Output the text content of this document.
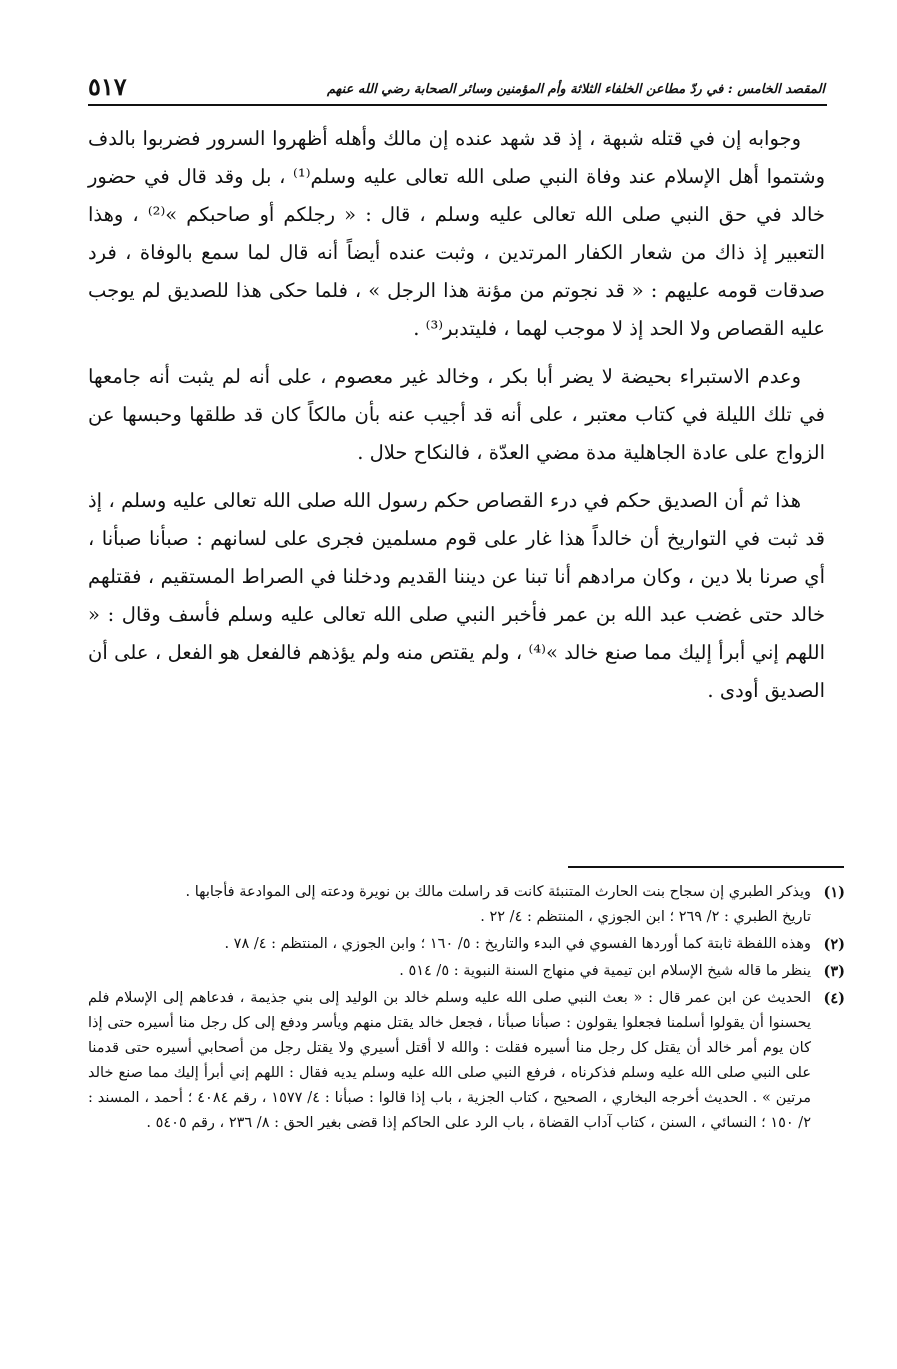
المقصد الخامس : في ردّ مطاعن الخلفاء الثلاثة وأم المؤمنين وسائر الصحابة رضي الله عنهم
٥١٧

وجوابه إن في قتله شبهة ، إذ قد شهد عنده إن مالك وأهله أظهروا السرور فضربوا بالدف وشتموا أهل الإسلام عند وفاة النبي صلى الله تعالى عليه وسلم⁽¹⁾ ، بل وقد قال في حضور خالد في حق النبي صلى الله تعالى عليه وسلم ، قال : « رجلكم أو صاحبكم »⁽²⁾ ، وهذا التعبير إذ ذاك من شعار الكفار المرتدين ، وثبت عنده أيضاً أنه قال لما سمع بالوفاة ، فرد صدقات قومه عليهم : « قد نجوتم من مؤنة هذا الرجل » ، فلما حكى هذا للصديق لم يوجب عليه القصاص ولا الحد إذ لا موجب لهما ، فليتدبر⁽³⁾ .

وعدم الاستبراء بحيضة لا يضر أبا بكر ، وخالد غير معصوم ، على أنه لم يثبت أنه جامعها في تلك الليلة في كتاب معتبر ، على أنه قد أجيب عنه بأن مالكاً كان قد طلقها وحبسها عن الزواج على عادة الجاهلية مدة مضي العدّة ، فالنكاح حلال .

هذا ثم أن الصديق حكم في درء القصاص حكم رسول الله صلى الله تعالى عليه وسلم ، إذ قد ثبت في التواريخ أن خالداً هذا غار على قوم مسلمين فجرى على لسانهم : صبأنا صبأنا ، أي صرنا بلا دين ، وكان مرادهم أنا تبنا عن ديننا القديم ودخلنا في الصراط المستقيم ، فقتلهم خالد حتى غضب عبد الله بن عمر فأخبر النبي صلى الله تعالى عليه وسلم فأسف وقال : « اللهم إني أبرأ إليك مما صنع خالد »⁽⁴⁾ ، ولم يقتص منه ولم يؤذهم فالفعل هو الفعل ، على أن الصديق أودى .

(١)
ويذكر الطبري إن سجاح بنت الحارث المتنبئة كانت قد راسلت مالك بن نويرة ودعته إلى الموادعة فأجابها .
تاريخ الطبري : ٢/ ٢٦٩ ؛ ابن الجوزي ، المنتظم : ٤/ ٢٢ .
(٢)
وهذه اللفظة ثابتة كما أوردها الفسوي في البدء والتاريخ : ٥/ ١٦٠ ؛ وابن الجوزي ، المنتظم : ٤/ ٧٨ .
(٣)
ينظر ما قاله شيخ الإسلام ابن تيمية في منهاج السنة النبوية : ٥/ ٥١٤ .
(٤)
الحديث عن ابن عمر قال : « بعث النبي صلى الله عليه وسلم خالد بن الوليد إلى بني جذيمة ، فدعاهم إلى الإسلام فلم يحسنوا أن يقولوا أسلمنا فجعلوا يقولون : صبأنا صبأنا ، فجعل خالد يقتل منهم ويأسر ودفع إلى كل رجل منا أسيره حتى إذا كان يوم أمر خالد أن يقتل كل رجل منا أسيره فقلت : والله لا أقتل أسيري ولا يقتل رجل من أصحابي أسيره حتى قدمنا على النبي صلى الله عليه وسلم فذكرناه ، فرفع النبي صلى الله عليه وسلم يديه فقال : اللهم إني أبرأ إليك مما صنع خالد مرتين » . الحديث أخرجه البخاري ، الصحيح ، كتاب الجزية ، باب إذا قالوا : صبأنا : ٤/ ١٥٧٧ ، رقم ٤٠٨٤ ؛ أحمد ، المسند : ٢/ ١٥٠ ؛ النسائي ، السنن ، كتاب آداب القضاة ، باب الرد على الحاكم إذا قضى بغير الحق : ٨/ ٢٣٦ ، رقم ٥٤٠٥ .
